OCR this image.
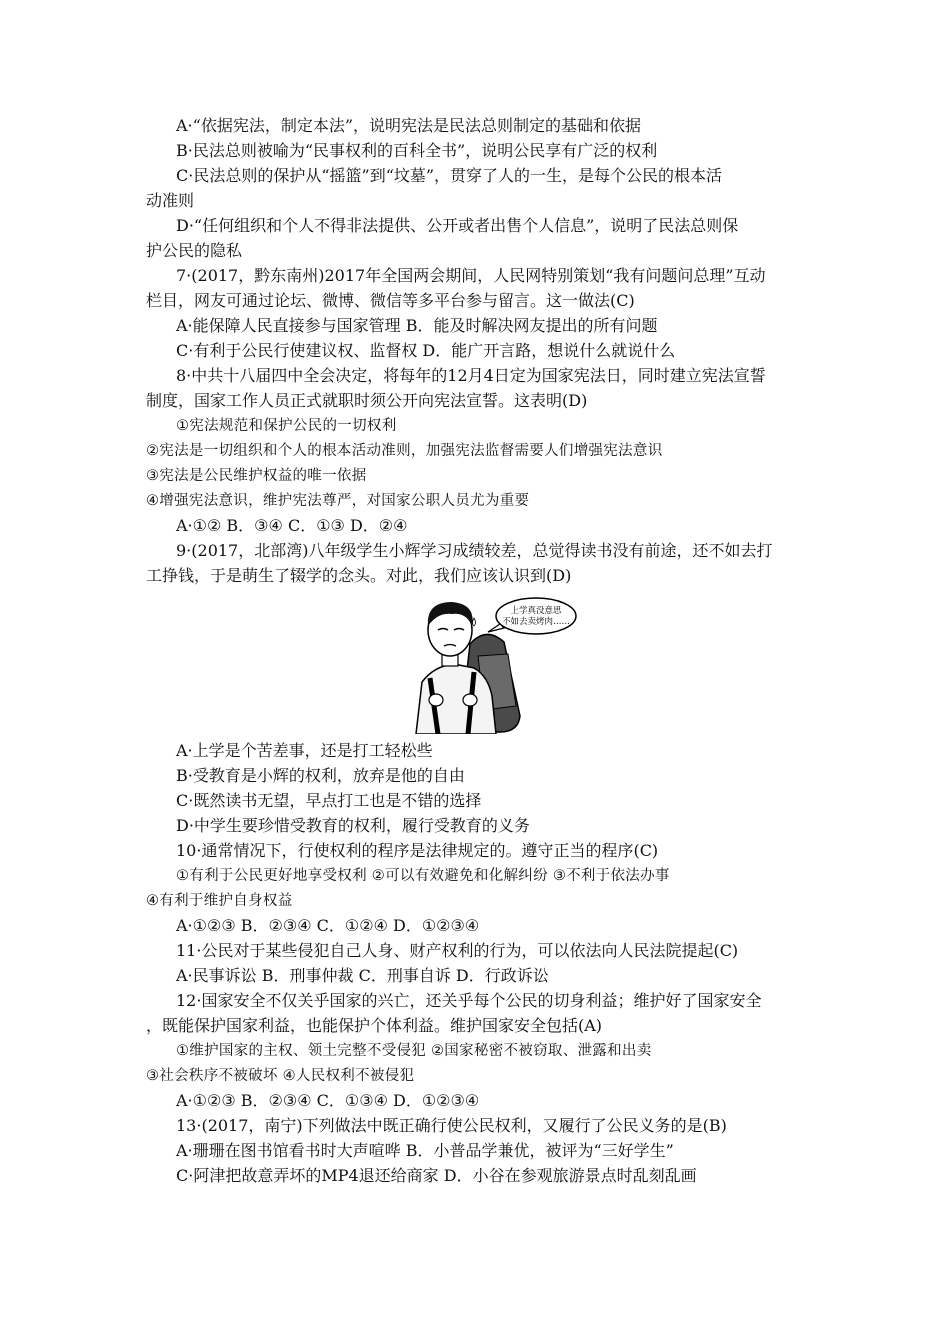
A·“依据宪法，制定本法”，说明宪法是民法总则制定的基础和依据
B·民法总则被喻为“民事权利的百科全书”，说明公民享有广泛的权利
C·民法总则的保护从“摇篮”到“坟墓”，贯穿了人的一生，是每个公民的根本活
动准则
D·“任何组织和个人不得非法提供、公开或者出售个人信息”，说明了民法总则保
护公民的隐私
7·(2017，黔东南州)2017年全国两会期间，人民网特别策划“我有问题问总理”互动
栏目，网友可通过论坛、微博、微信等多平台参与留言。这一做法(C)
A·能保障人民直接参与国家管理 B．能及时解决网友提出的所有问题
C·有利于公民行使建议权、监督权 D．能广开言路，想说什么就说什么
8·中共十八届四中全会决定，将每年的12月4日定为国家宪法日，同时建立宪法宣誓
制度，国家工作人员正式就职时须公开向宪法宣誓。这表明(D)
①宪法规范和保护公民的一切权利
②宪法是一切组织和个人的根本活动准则，加强宪法监督需要人们增强宪法意识
③宪法是公民维护权益的唯一依据
④增强宪法意识，维护宪法尊严，对国家公职人员尤为重要
A·①② B．③④ C．①③ D．②④
9·(2017，北部湾)八年级学生小辉学习成绩较差，总觉得读书没有前途，还不如去打
工挣钱，于是萌生了辍学的念头。对此，我们应该认识到(D)
上学真没意思
不如去卖烤肉……
A·上学是个苦差事，还是打工轻松些
B·受教育是小辉的权利，放弃是他的自由
C·既然读书无望，早点打工也是不错的选择
D·中学生要珍惜受教育的权利，履行受教育的义务
10·通常情况下，行使权利的程序是法律规定的。遵守正当的程序(C)
①有利于公民更好地享受权利 ②可以有效避免和化解纠纷 ③不利于依法办事
④有利于维护自身权益
A·①②③ B．②③④ C．①②④ D．①②③④
11·公民对于某些侵犯自己人身、财产权利的行为，可以依法向人民法院提起(C)
A·民事诉讼 B．刑事仲裁 C．刑事自诉 D．行政诉讼
12·国家安全不仅关乎国家的兴亡，还关乎每个公民的切身利益；维护好了国家安全
，既能保护国家利益，也能保护个体利益。维护国家安全包括(A)
①维护国家的主权、领土完整不受侵犯 ②国家秘密不被窃取、泄露和出卖
③社会秩序不被破坏 ④人民权利不被侵犯
A·①②③ B．②③④ C．①③④ D．①②③④
13·(2017，南宁)下列做法中既正确行使公民权利，又履行了公民义务的是(B)
A·珊珊在图书馆看书时大声喧哗 B．小普品学兼优，被评为“三好学生”
C·阿津把故意弄坏的MP4退还给商家 D．小谷在参观旅游景点时乱刻乱画
